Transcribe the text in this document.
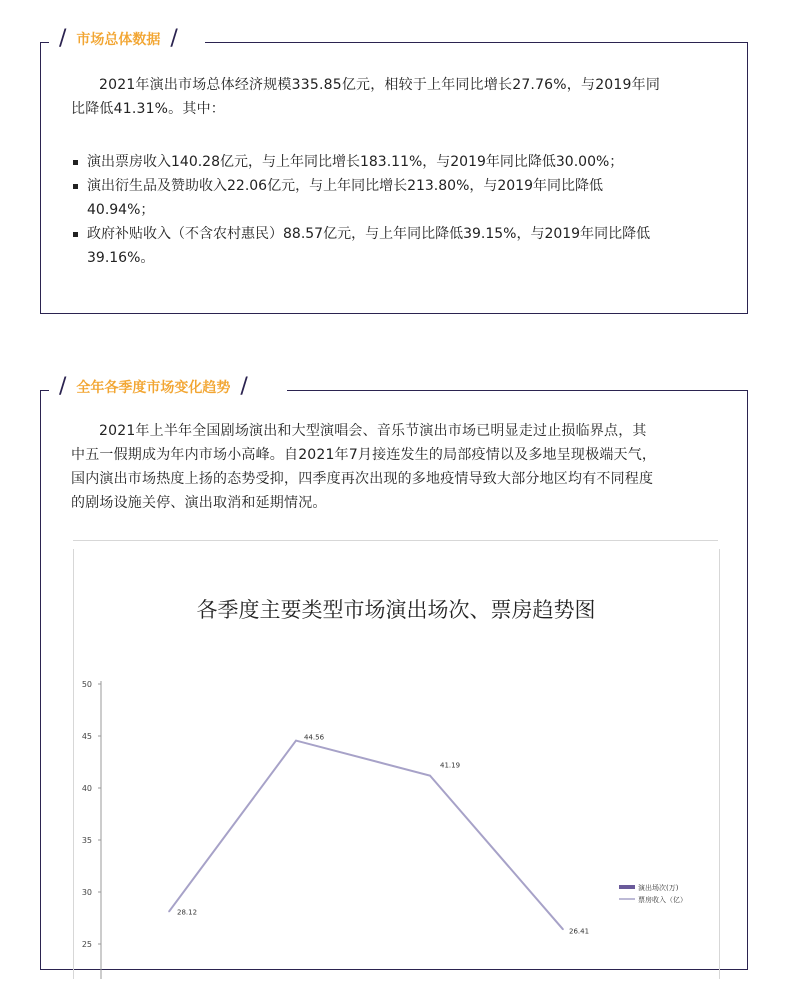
/ 市场总体数据 /
2021年演出市场总体经济规模335.85亿元，相较于上年同比增长27.76%，与2019年同
比降低41.31%。其中：
演出票房收入140.28亿元，与上年同比增长183.11%，与2019年同比降低30.00%；
演出衍生品及赞助收入22.06亿元，与上年同比增长213.80%，与2019年同比降低
40.94%；
政府补贴收入（不含农村惠民）88.57亿元，与上年同比降低39.15%，与2019年同比降低
39.16%。
/ 全年各季度市场变化趋势 /
2021年上半年全国剧场演出和大型演唱会、音乐节演出市场已明显走过止损临界点，其
中五一假期成为年内市场小高峰。自2021年7月接连发生的局部疫情以及多地呈现极端天气，
国内演出市场热度上扬的态势受抑，四季度再次出现的多地疫情导致大部分地区均有不同程度
的剧场设施关停、演出取消和延期情况。
各季度主要类型市场演出场次、票房趋势图
50
45
40
35
30
25
28.12
44.56
41.19
26.41
演出场次(万)
票房收入（亿）
